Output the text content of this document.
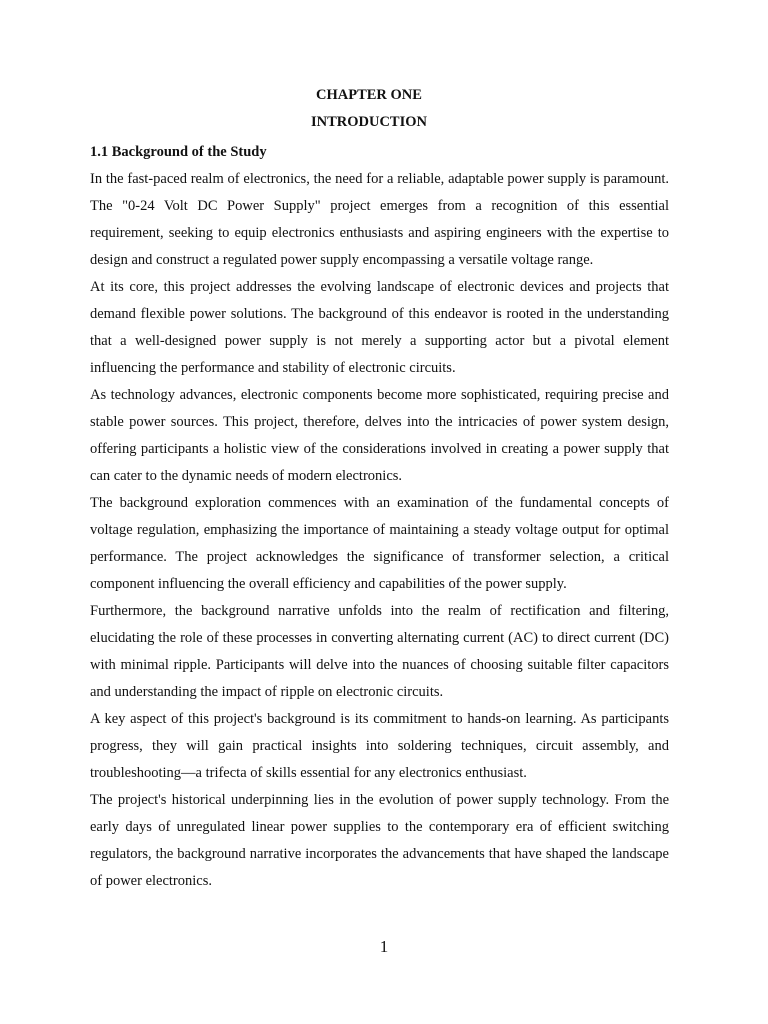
CHAPTER ONE
INTRODUCTION

1.1 Background of the Study

In the fast-paced realm of electronics, the need for a reliable, adaptable power supply is paramount. The "0-24 Volt DC Power Supply" project emerges from a recognition of this essential requirement, seeking to equip electronics enthusiasts and aspiring engineers with the expertise to design and construct a regulated power supply encompassing a versatile voltage range.

At its core, this project addresses the evolving landscape of electronic devices and projects that demand flexible power solutions. The background of this endeavor is rooted in the understanding that a well-designed power supply is not merely a supporting actor but a pivotal element influencing the performance and stability of electronic circuits.

As technology advances, electronic components become more sophisticated, requiring precise and stable power sources. This project, therefore, delves into the intricacies of power system design, offering participants a holistic view of the considerations involved in creating a power supply that can cater to the dynamic needs of modern electronics.

The background exploration commences with an examination of the fundamental concepts of voltage regulation, emphasizing the importance of maintaining a steady voltage output for optimal performance. The project acknowledges the significance of transformer selection, a critical component influencing the overall efficiency and capabilities of the power supply.

Furthermore, the background narrative unfolds into the realm of rectification and filtering, elucidating the role of these processes in converting alternating current (AC) to direct current (DC) with minimal ripple. Participants will delve into the nuances of choosing suitable filter capacitors and understanding the impact of ripple on electronic circuits.

A key aspect of this project's background is its commitment to hands-on learning. As participants progress, they will gain practical insights into soldering techniques, circuit assembly, and troubleshooting—a trifecta of skills essential for any electronics enthusiast.

The project's historical underpinning lies in the evolution of power supply technology. From the early days of unregulated linear power supplies to the contemporary era of efficient switching regulators, the background narrative incorporates the advancements that have shaped the landscape of power electronics.

1
